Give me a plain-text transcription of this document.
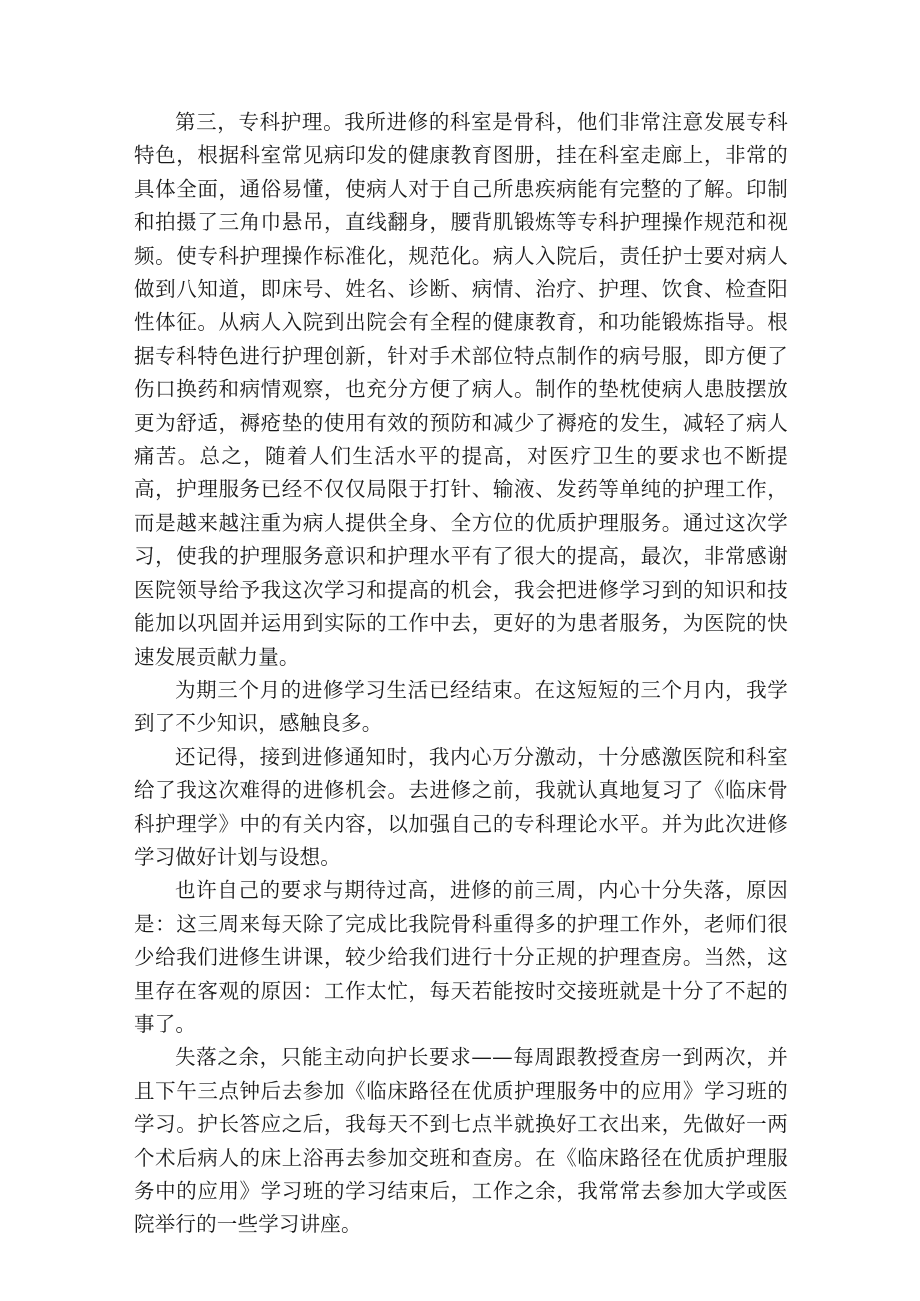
第三，专科护理。我所进修的科室是骨科，他们非常注意发展专科特色，根据科室常见病印发的健康教育图册，挂在科室走廊上，非常的具体全面，通俗易懂，使病人对于自己所患疾病能有完整的了解。印制和拍摄了三角巾悬吊，直线翻身，腰背肌锻炼等专科护理操作规范和视频。使专科护理操作标准化，规范化。病人入院后，责任护士要对病人做到八知道，即床号、姓名、诊断、病情、治疗、护理、饮食、检查阳性体征。从病人入院到出院会有全程的健康教育，和功能锻炼指导。根据专科特色进行护理创新，针对手术部位特点制作的病号服，即方便了伤口换药和病情观察，也充分方便了病人。制作的垫枕使病人患肢摆放更为舒适，褥疮垫的使用有效的预防和减少了褥疮的发生，减轻了病人痛苦。总之，随着人们生活水平的提高，对医疗卫生的要求也不断提高，护理服务已经不仅仅局限于打针、输液、发药等单纯的护理工作，而是越来越注重为病人提供全身、全方位的优质护理服务。通过这次学习，使我的护理服务意识和护理水平有了很大的提高，最次，非常感谢医院领导给予我这次学习和提高的机会，我会把进修学习到的知识和技能加以巩固并运用到实际的工作中去，更好的为患者服务，为医院的快速发展贡献力量。

为期三个月的进修学习生活已经结束。在这短短的三个月内，我学到了不少知识，感触良多。

还记得，接到进修通知时，我内心万分激动，十分感激医院和科室给了我这次难得的进修机会。去进修之前，我就认真地复习了《临床骨科护理学》中的有关内容，以加强自己的专科理论水平。并为此次进修学习做好计划与设想。

也许自己的要求与期待过高，进修的前三周，内心十分失落，原因是：这三周来每天除了完成比我院骨科重得多的护理工作外，老师们很少给我们进修生讲课，较少给我们进行十分正规的护理查房。当然，这里存在客观的原因：工作太忙，每天若能按时交接班就是十分了不起的事了。

失落之余，只能主动向护长要求——每周跟教授查房一到两次，并且下午三点钟后去参加《临床路径在优质护理服务中的应用》学习班的学习。护长答应之后，我每天不到七点半就换好工衣出来，先做好一两个术后病人的床上浴再去参加交班和查房。在《临床路径在优质护理服务中的应用》学习班的学习结束后，工作之余，我常常去参加大学或医院举行的一些学习讲座。
